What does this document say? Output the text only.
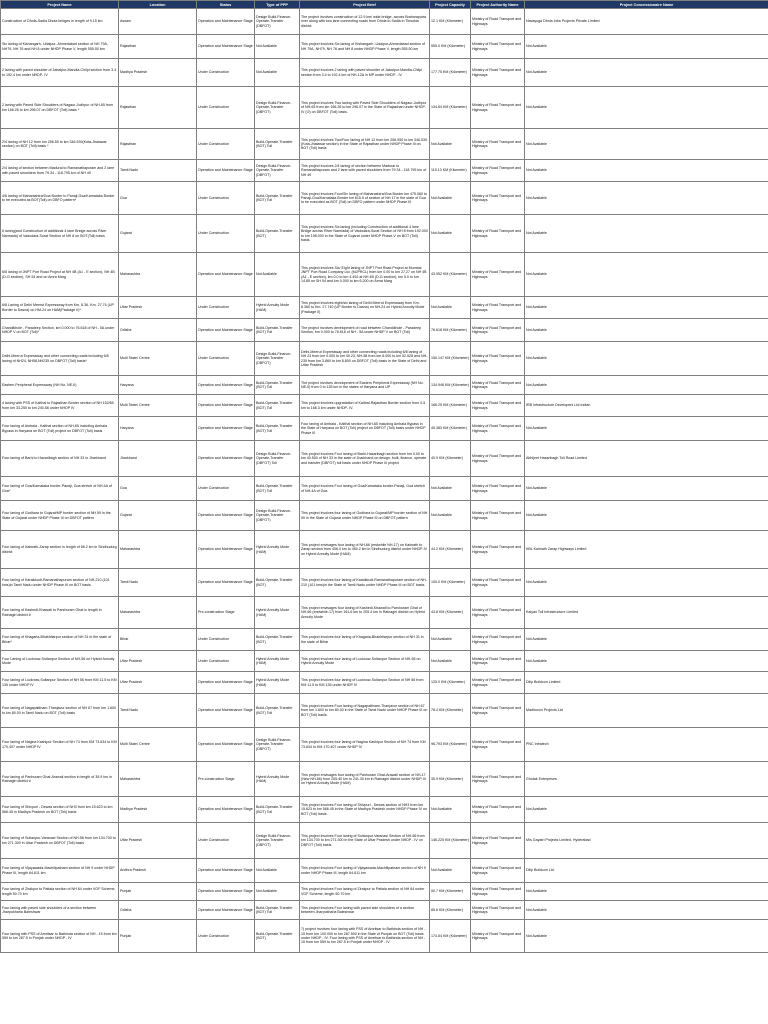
Project Name	Location	Status	Type of PPP	Project Brief	Project Capacity	Project Authority Name	Project Concessionaire Name
Construction of Dhola-Sadia Dhola bridges in length of 9.15 km	Assam	Operation and Maintenance Stage	Design Build-Finance-Operate-Transfer (DBFOT)	The project involves construction of 12.9 km/ wide bridge- across Brahmaputra river along with two lane connecting roads from Dhola to Sadia in Tinsukia district.	12.1 KM (Kilometer)	Ministry of Road Transport and Highways	Navayuga Dhola Infra Projects Private Limited
Six laning of Kishangarh- Udaipur- Ahmedabad section of NH 79A, NH79, NH 76 and NH 8 under NHDP Phase V, length 555.50 km	Rajasthan	Operation and Maintenance Stage	Not Available	This project involves Six laning of Kishangarh -Udaipur-Ahmedabad section of NH 79A, NH79, NH 76 and NH 8 under NHDP Phase V, length 555.50 km	555.0 KM (Kilometer)	Ministry of Road Transport and Highways	Not Available
2 laning with paved shoulder of Jabalpur-Mandla-Chilpi section from 3.4 to 192.4 km under NHDP- IV	Madhya Pradesh	Under Construction	Not Available	This project involves 2 laning with paved shoulder of Jabalpur-Mandla-Chilpi section from 3.4 to 192.4 km of NH-12A in MP under NHDP - IV	177.75 KM (Kilometer)	Ministry of Road Transport and Highways	Not Available
2 laning with Paved Side Shoulders of Nagaur-Jodhpur of NH-65 from km 166.26 to km 296.07 on DBFOT (Toll) basis *	Rajasthan	Under Construction	Design Build-Finance-Operate-Transfer (DBFOT)	This project involves Two laning with Paved Side Shoulders of Nagaur-Jodhpur of NH-65 from km 166.26 to km 296.07 in the State of Rajasthan under NHDP-IV (O) on DBFOT (Toll) basis.	134.64 KM (Kilometer)	Ministry of Road Transport and Highways	Not Available
2/4 laning of NH 12 from km 256.55 to km 346.539(Kota-Jhalawar section) on BOT (Toll) basis *	Rajasthan	Under Construction	Build-Operate-Transfer (BOT) Toll	This project involves Two/Four laning of NH 12 from km 256.550 to km 346.539 (Kota-Jhalawar section) in the State of Rajasthan under NHDP Phase III on BOT (Toll) basis	Not Available	Ministry of Road Transport and Highways	Not Available
2/4 laning of section between Madurai to Ramanathapuram and 2 lane with paved shoulders from 79.34 - 118.795 km of NH 49	Tamil Nadu	Operation and Maintenance Stage	Design Build-Finance-Operate-Transfer (DBFOT)	This project involves 2/4 laning of section between Madurai to Ramanathapuram and 2 lane with paved shoulders from 79.34 - 118.795 km of NH 49	115.13 KM (Kilometer)	Ministry of Road Transport and Highways	Not Available
4/6 laning of Maharashtra/Goa Border to Panaji-Goa/Karnataka Border to be executed as BOT(Toll) on DBFO pattern*	Goa	Under Construction	Build-Operate-Transfer (BOT) Toll	This project involves Four/Six laning of Maharashtra/Goa Border km 475.060 to Panaji-Goa/Karnataka Border km 615.5 of section of NH 17 in the state of Goa to be executed as BOT (Toll) on DBFO pattern under NHDP Phase III	Not Available	Ministry of Road Transport and Highways	Not Available
6 laning(and Construction of additional 4 lane Bridge across River Narmada) of Vadodara-Surat Section of NH 8 on BOT(Toll) basis	Gujarat	Under Construction	Build-Operate-Transfer (BOT)	This project involves Six laning (including Construction of additional 4 lane Bridge across River Narmada) of Vadodara-Surat Section of NH 8 from 192.000 to km 198.000 in the State of Gujarat under NHDP Phase-V on BOT (Toll) basis.	Not Available	Ministry of Road Transport and Highways	Not Available
6/8 laning of JNPT Port Road Project at NH 4B (A1 - E section), NH 4B (D-G section), SH 54 and on Amra Marg	Maharashtra	Operation and Maintenance Stage	Not Available	This project involves Six/ Eight laning of JNPT Port Road Project at Mumbai JNPT Port Road Company Ltd. (MJPRCL) from km 0.00 to km 27.27 on NH 4B (A1 - E section), km 0.0 to km 4.492 at NH 4B (D-G section), km 5.0 to km 14.85 on SH 54 and km 0.000 to km 6.200 on Amra Marg	43.952 KM (Kilometer)	Ministry of Road Transport and Highways	Not Available
6/8 Laning of Delhi Meerut Expressway from Km. 8.36- Km. 27.74 (UP Border to Dasna) on HM-24 on HAM(Package II)*	Uttar Pradesh	Under Construction	Hybrid Annuity Mode (HAM)	This project involves eight/six laning of Delhi Meerut Expressway from Km. 8.360 to Km. 27.740 (UP Border to Dasna) on NH-24 on Hybrid Annuity Mode (Package II)	Not Available	Ministry of Road Transport and Highways	Not Available
Chandikhole - Paradeep Section, km 0.000 to 76.618 of NH - 5A under NHDP V on BOT (Toll)*	Odisha	Operation and Maintenance Stage	Build-Operate-Transfer (BOT) Toll	The project involves development of road between Chandikhole - Paradeep Section, km 0.000 to 76.618 of NH - 5A under NHDP V on BOT (Toll)	76.618 KM (Kilometer)	Ministry of Road Transport and Highways	Not Available
Delhi-Meerut Expressway and other connecting roads including 6/8 laning of NH24, NH58,NH235 on DBFOT (Toll) basis*	Multi State/ Centre	Under Construction	Design Build-Finance-Operate-Transfer (DBFOT)	Delhi-Meerut Expressway and other connecting roads including 6/8 laning of NH 24 from km 0.000 to km 49.23, NH-58 from km 6.000 to km 52.528 and NH-235 from km 3.860 to km 8.800 on DBFOT (Toll) basis in the State of Delhi and Uttar Pradesh	150.147 KM (Kilometer)	Ministry of Road Transport and Highways	Not Available
Eastern Peripheral Expressway (NH No. NE-II)	Haryana	Operation and Maintenance Stage	Build-Operate-Transfer (BOT) Toll	The project involves development of Eastern Peripheral Expressway (NH No. NE-II) from 0 to 135 km in the states of Haryana and UP	134.946 KM (Kilometer)	Ministry of Road Transport and Highways	Not Available
4 laning with PSS of Kaithal to Rajasthan Border section of NH 152/65 from km 33.250 to km 240.58 under NHDP IV	Multi State/ Centre	Operation and Maintenance Stage	Build-Operate-Transfer (BOT) Toll	This project involves upgradation of Kaithal-Rajasthan Border section from 0.5 km to 166.3 km under NHDP- IV.	166.25 KM (Kilometer)	Ministry of Road Transport and Highways	IRB Infrastructure Developers Ltd-Indian
Four laning of Ambala - Kaithal section of NH-65 including Ambala Bypass in Haryana on BOT (Toll) project on DBFOT (Toll) basis	Haryana	Operation and Maintenance Stage	Build-Operate-Transfer (BOT) Toll	Four laning of Ambala - Kaithal section of NH-65 including Ambala Bypass in the State of Haryana on BOT (Toll) project on DBFOT (Toll) basis under NHDP Phase III	45.383 KM (Kilometer)	Ministry of Road Transport and Highways	Not Available
Four laning of Barhi to Hazaribagh section of NH 33 in Jharkhand	Jharkhand	Operation and Maintenance Stage	Design Build-Finance-Operate-Transfer (DBFOT) Toll	This project involves Four laning of Barhi-Hazaribagh section from km 0.00 to km 40.500 of NH 33 in the state of Jharkhand on design, built, finance, operate and transfer (DBFOT) toll basis under NHDP Phase III project	40.5 KM (Kilometer)	Ministry of Road Transport and Highways	Abhijeet Hazaribagh Toll Road Limited
Four laning of Goa/Karnataka border-Panaji, Goa stretch of NH-4A of Goa*	Goa	Under Construction	Build-Operate-Transfer (BOT) Toll	This project involves Four laning of Goa/Karnataka border-Panaji, Goa stretch of NH-4A of Goa	Not Available	Ministry of Road Transport and Highways	Not Available
Four laning of Godhara to Gujarat/MP border section of NH 59 in the State of Gujarat under NHDP Phase III on DBFOT pattern	Gujarat	Operation and Maintenance Stage	Design Build-Finance-Operate-Transfer (DBFOT)	This project involves four laning of Godhara to Gujarat/MP border section of NH 59 in the State of Gujarat under NHDP Phase III on DBFOT pattern	Not Available	Ministry of Road Transport and Highways	Not Available
Four laning of Kalmath-Zarap section in length of 66.2 km in Sindhudurg district	Maharashtra	Operation and Maintenance Stage	Hybrid Annuity Mode (HAM)	This project envisages four laning of NH-66 (erstwhile NH-17) on Kalmath to Zarap section from 406.0 km to 450.2 km in Sindhudurg district under NHDP-IV on Hybrid Annuity Mode (HAM)	44.2 KM (Kilometer)	Ministry of Road Transport and Highways	KBL Kalmath Zarap Highways Limited
Four laning of Karaikkudi-Ramanathapuram section of NH-210 (101 kms)in Tamil Nadu under NHDP Phase III on BOT basis.	Tamil Nadu	Operation and Maintenance Stage	Build-Operate-Transfer (BOT)	This project involves four laning of Karaikkudi-Ramanathapuram section of NH-210 (101 kms)in the State of Tamil Nadu under NHDP Phase III on BOT basis.	100.0 KM (Kilometer)	Ministry of Road Transport and Highways	Not Available
Four laning of Kashedi-Khawati to Parshuram Ghat in length in Ratnagiri district #	Maharashtra	Pre-construction Stage	Hybrid Annuity Mode (HAM)	This project envisages four laning of Kashedi-Khawati to Parshuram Ghat of NH-66 (erstwhile-17) from 161.6 km to 205.4 km in Ratnagiri district on Hybrid Annuity Mode	43.8 KM (Kilometer)	Ministry of Road Transport and Highways	Kalyan Toll Infrastructure Limited
Four laning of Khagaria-Bhakhtiarpur section of NH 31 in the state of Bihar*	Bihar	Under Construction	Build-Operate-Transfer (BOT)	This project involves four laning of Khagaria-Bhakhtiarpur section of NH 31 in the state of Bihar	Not Available	Ministry of Road Transport and Highways	Not Available
Four Laning of Lucknow-Sultanpur Section of NH-56 on Hybrid Annuity Mode	Uttar Pradesh	Under Construction	Hybrid Annuity Mode (HAM)	This project involves four laning of Lucknow-Sultanpur Section of NH-56 on Hybrid Annuity Mode	Not Available	Ministry of Road Transport and Highways	Not Available
Four laning of Lucknow-Sultanpur Section of NH 56 from KM 11.5 to KM 135 under NHDP IV	Uttar Pradesh	Operation and Maintenance Stage	Hybrid Annuity Mode (HAM)	This project involves four laning of Lucknow-Sultanpur Section of NH 56 from KM 11.5 to KM 135 under NHDP IV	125.0 KM (Kilometer)	Ministry of Road Transport and Highways	Dilip Buildcon Limited
Four laning of Nagapattinam-Thanjavur section of NH 67 from km 1.600 to km 80.00 in Tamil Nadu on BOT (Toll) basis	Tamil Nadu	Operation and Maintenance Stage	Build-Operate-Transfer (BOT) Toll	This project involves Four laning of Nagapattinam-Thanjavur section of NH 67 from km 1.600 to km 80.00 in the State of Tamil Nadu under NHDP Phase III on BOT (Toll) basis.	78.4 KM (Kilometer)	Ministry of Road Transport and Highways	Madhucon Projects Ltd
Four laning of Nagina Kashipur Section of NH 74 from KM 73.634 to KM 170.407 under NHDP IV	Multi State/ Centre	Operation and Maintenance Stage	Design Build-Finance-Operate-Transfer (DBFOT)	This project involves four laning of Nagina Kashipur Section of NH 74 from KM 73.634 to KM 170.407 under NHDP IV	96.793 KM (Kilometer)	Ministry of Road Transport and Highways	PNC Infratech
Four laning of Panhuram Ghat-Arawali section in length of 35.9 km in Ratnagiri district #	Maharashtra	Pre-construction Stage	Hybrid Annuity Mode (HAM)	This project envisages four laning of Panhuram Ghat-Arawali section of NH-17 (New NH-66) from 205.40 km to 241.30 km in Ratnagiri district under NHDP-IV on Hybrid Annuity Mode (HAM)	35.9 KM (Kilometer)	Ministry of Road Transport and Highways	Ghotak Enterprises
Four laning of Shivpuri - Dewas section of NH3 from km 15.623 to km 566.45 in Madhya Pradesh on BOT (Toll) basis	Madhya Pradesh	Operation and Maintenance Stage	Build-Operate-Transfer (BOT) Toll	This project involves Four laning of Shivpuri - Dewas section of NH3 from km 15.623 to km 566.45 in the State of Madhya Pradesh under NHDP Phase IV on BOT (Toll) basis.	Not Available	Ministry of Road Transport and Highways	Not Available
Four laning of Sultanpur-Varanasi Section of NH-56 from km 134.700 to km 271.300 in Uttar Pradesh on DBFOT (Toll) basis	Uttar Pradesh	Under Construction	Design Build-Finance-Operate-Transfer (DBFOT)	This project involves Four laning of Sultanpur-Varanasi Section of NH-56 from km 134.700 to km 271.300 in the State of Uttar Pradesh under NHDP - IV on DBFOT (Toll) basis.	146.225 KM (Kilometer)	Ministry of Road Transport and Highways	M/s Gayatri Projects Limited, Hyderabad
Four laning of Vijayawada-Machilipatnam section of NH 9 under NHDP Phase III, length 64.611 km	Andhra Pradesh	Operation and Maintenance Stage	Not Available	This project involves Four laning of Vijayawada-Machilipatnam section of NH 9 under NHDP Phase III, length 64.611 km	Not Available	Ministry of Road Transport and Highways	Dilip Buildcon Ltd.
Four laning of Zirakpur to Patiala section of NH 64 under VGF Scheme, length 50.70 km	Punjab	Operation and Maintenance Stage	Not Available	This project involves Four laning of Zirakpur to Patiala section of NH 64 under VGF Scheme, length 50.70 km	50.7 KM (Kilometer)	Ministry of Road Transport and Highways	Not Available
Four laning with paved side shoulders of a section between Jharpokharia Baleshwar	Odisha	Operation and Maintenance Stage	Build-Operate-Transfer (BOT) Toll	This project involves Four laning with paved side shoulders of a section between Jharpokharia Baleshwar	85.6 KM (Kilometer)	Ministry of Road Transport and Highways	Not Available
Four laning with PSS of Amritsar to Bathinda section of NH - 15 from km 559 to km 287.5 in Punjab under NHDP - IV	Punjab	Under Construction	Build-Operate-Transfer (BOT)	7) project involves four laning with PSS of Amritsar to Bathinda section of NH - 15 from km 100.000 to km 287.500 in the State of Punjab on BOT (Toll) basis under NHDP - IV. Four laning with PSS of Amritsar to Bathinda section of NH - 15 from km 559 to km 287.5 in Punjab under NHDP - IV	174.64 KM (Kilometer)	Ministry of Road Transport and Highways	Not Available
